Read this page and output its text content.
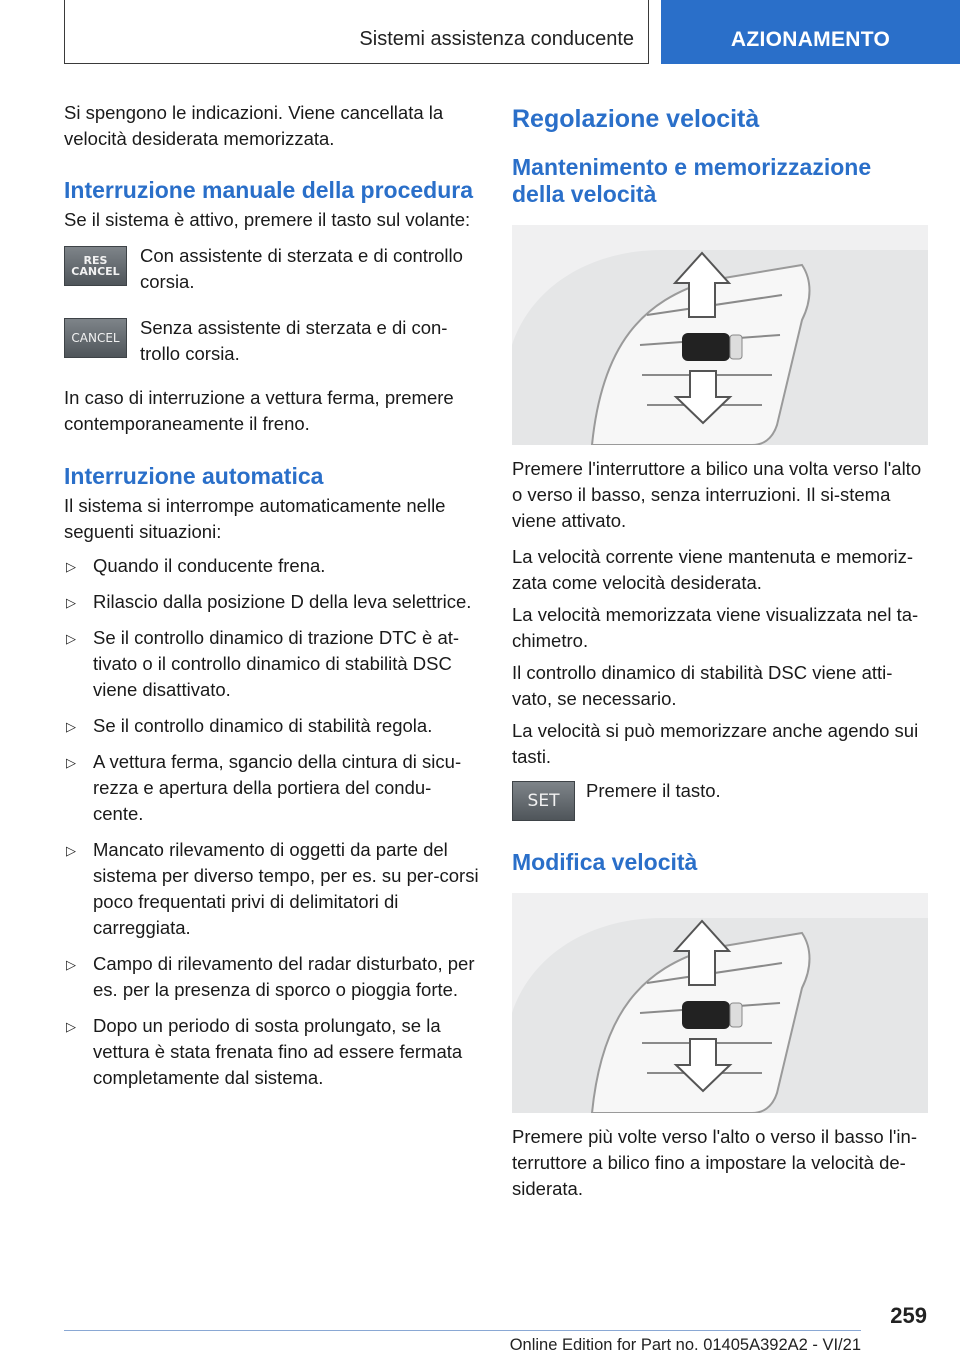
Sistemi assistenza conducente	AZIONAMENTO

Si spengono le indicazioni. Viene cancellata la velocità desiderata memorizzata.

Interruzione manuale della procedura

Se il sistema è attivo, premere il tasto sul volante:

RES
CANCEL

Con assistente di sterzata e di controllo corsia.

CANCEL Senza assistente di sterzata e di con-trollo corsia.

In caso di interruzione a vettura ferma, premere contemporaneamente il freno.

Interruzione automatica

Il sistema si interrompe automaticamente nelle seguenti situazioni:

▷ Quando il conducente frena.
▷ Rilascio dalla posizione D della leva selettrice.
▷ Se il controllo dinamico di trazione DTC è at-tivato o il controllo dinamico di stabilità DSC viene disattivato.
▷ Se il controllo dinamico di stabilità regola.
▷ A vettura ferma, sgancio della cintura di sicu-rezza e apertura della portiera del condu-cente.
▷ Mancato rilevamento di oggetti da parte del sistema per diverso tempo, per es. su per-corsi poco frequentati privi di delimitatori di carreggiata.
▷ Campo di rilevamento del radar disturbato, per es. per la presenza di sporco o pioggia forte.
▷ Dopo un periodo di sosta prolungato, se la vettura è stata frenata fino ad essere fermata completamente dal sistema.
Regolazione velocità
Mantenimento e memorizzazione della velocità

Premere l'interruttore a bilico una volta verso l'alto o verso il basso, senza interruzioni. Il si-stema viene attivato.

La velocità corrente viene mantenuta e memoriz-zata come velocità desiderata.

La velocità memorizzata viene visualizzata nel ta-chimetro.

Il controllo dinamico di stabilità DSC viene atti-vato, se necessario.

La velocità si può memorizzare anche agendo sui tasti.

SET Premere il tasto.

Modifica velocità

Premere più volte verso l'alto o verso il basso l'in-terruttore a bilico fino a impostare la velocità de-siderata.

259
Online Edition for Part no. 01405A392A2 - VI/21
